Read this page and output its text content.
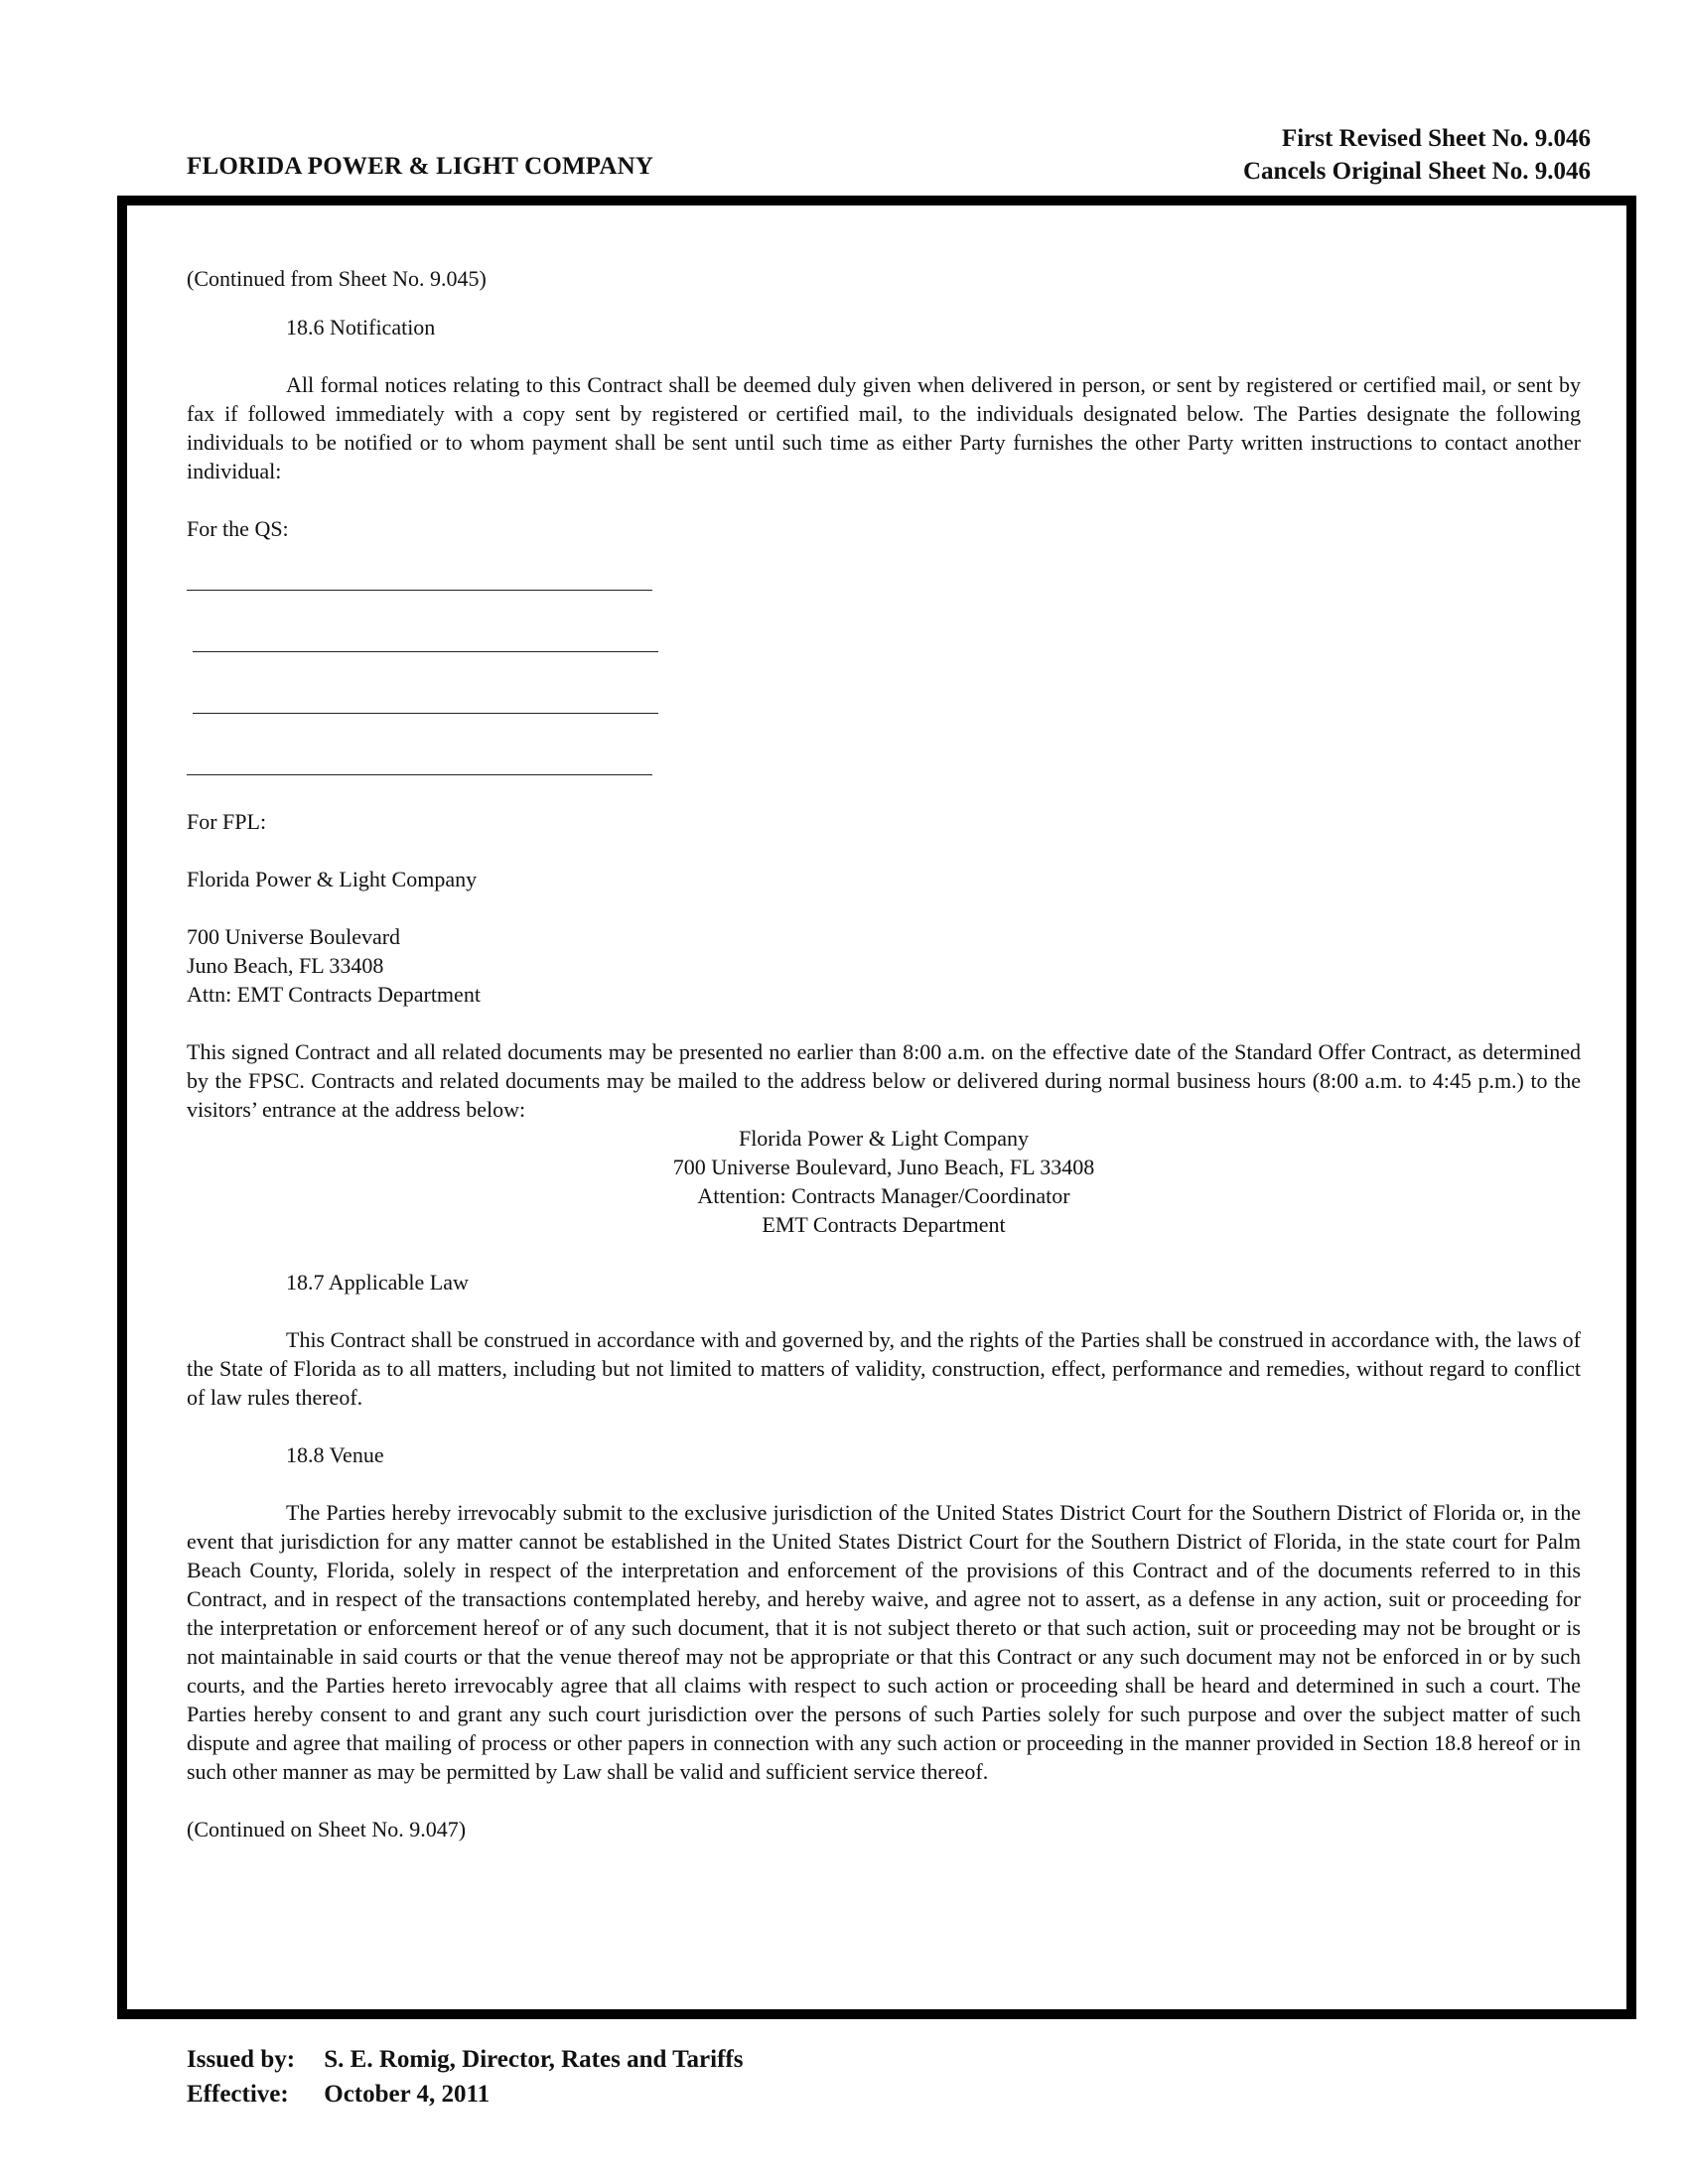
FLORIDA POWER & LIGHT COMPANY
First Revised Sheet No. 9.046
Cancels Original Sheet No. 9.046

(Continued from Sheet No. 9.045)

18.6 Notification

All formal notices relating to this Contract shall be deemed duly given when delivered in person, or sent by registered or certified mail, or sent by fax if followed immediately with a copy sent by registered or certified mail, to the individuals designated below. The Parties designate the following individuals to be notified or to whom payment shall be sent until such time as either Party furnishes the other Party written instructions to contact another individual:

For the QS:

For FPL:

Florida Power & Light Company

700 Universe Boulevard

Juno Beach, FL 33408

Attn: EMT Contracts Department

This signed Contract and all related documents may be presented no earlier than 8:00 a.m. on the effective date of the Standard Offer Contract, as determined by the FPSC. Contracts and related documents may be mailed to the address below or delivered during normal business hours (8:00 a.m. to 4:45 p.m.) to the visitors’ entrance at the address below:

Florida Power & Light Company

700 Universe Boulevard, Juno Beach, FL 33408

Attention: Contracts Manager/Coordinator

EMT Contracts Department

18.7 Applicable Law

This Contract shall be construed in accordance with and governed by, and the rights of the Parties shall be construed in accordance with, the laws of the State of Florida as to all matters, including but not limited to matters of validity, construction, effect, performance and remedies, without regard to conflict of law rules thereof.

18.8 Venue

The Parties hereby irrevocably submit to the exclusive jurisdiction of the United States District Court for the Southern District of Florida or, in the event that jurisdiction for any matter cannot be established in the United States District Court for the Southern District of Florida, in the state court for Palm Beach County, Florida, solely in respect of the interpretation and enforcement of the provisions of this Contract and of the documents referred to in this Contract, and in respect of the transactions contemplated hereby, and hereby waive, and agree not to assert, as a defense in any action, suit or proceeding for the interpretation or enforcement hereof or of any such document, that it is not subject thereto or that such action, suit or proceeding may not be brought or is not maintainable in said courts or that the venue thereof may not be appropriate or that this Contract or any such document may not be enforced in or by such courts, and the Parties hereto irrevocably agree that all claims with respect to such action or proceeding shall be heard and determined in such a court. The Parties hereby consent to and grant any such court jurisdiction over the persons of such Parties solely for such purpose and over the subject matter of such dispute and agree that mailing of process or other papers in connection with any such action or proceeding in the manner provided in Section 18.8 hereof or in such other manner as may be permitted by Law shall be valid and sufficient service thereof.

(Continued on Sheet No. 9.047)

Issued by: S. E. Romig, Director, Rates and Tariffs
Effective: October 4, 2011
